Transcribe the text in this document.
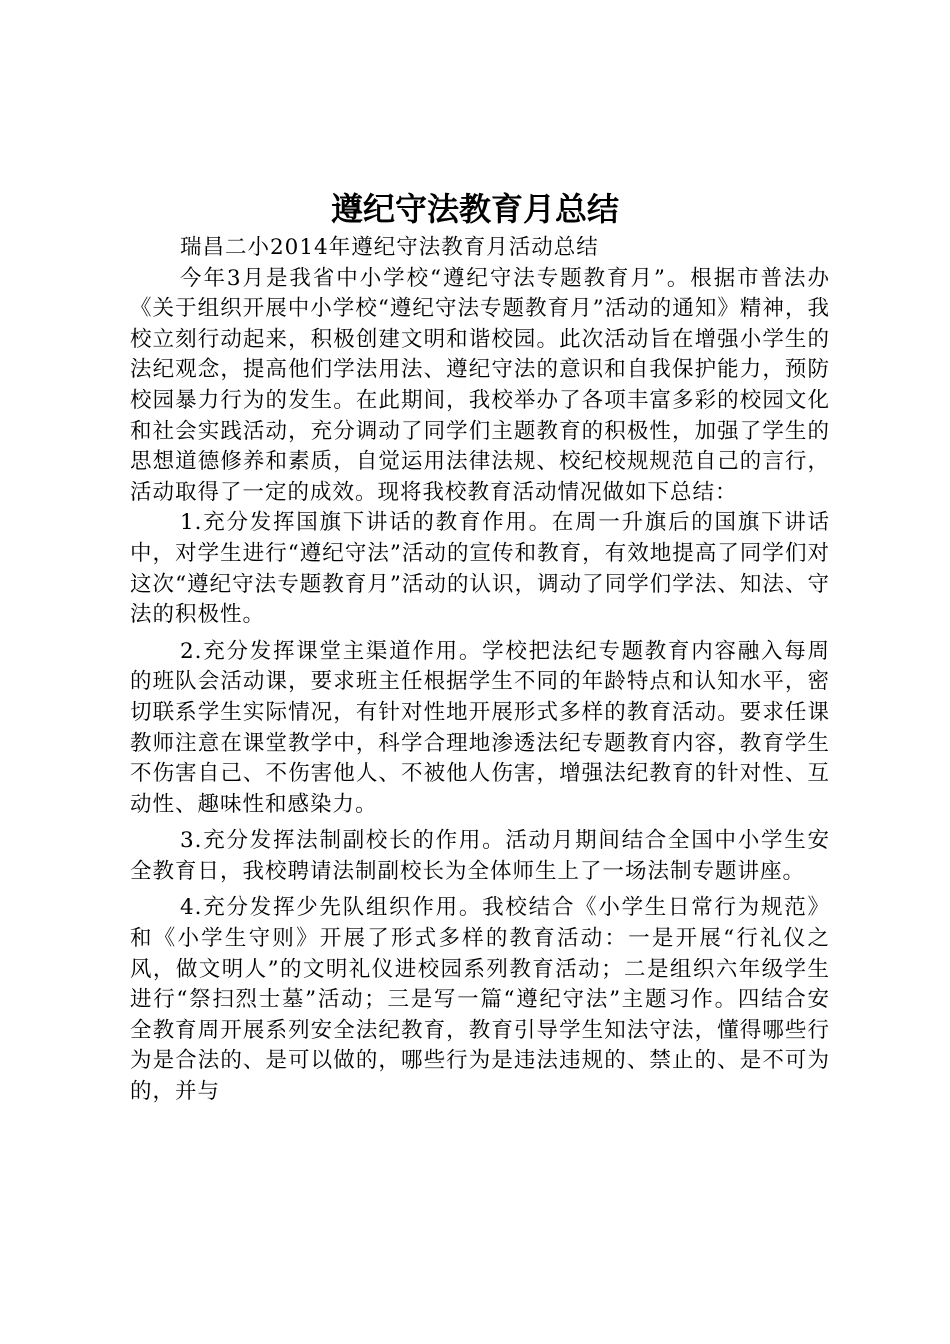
遵纪守法教育月总结

瑞昌二小2014年遵纪守法教育月活动总结

今年3月是我省中小学校“遵纪守法专题教育月”。根据市普法办《关于组织开展中小学校“遵纪守法专题教育月”活动的通知》精神，我校立刻行动起来，积极创建文明和谐校园。此次活动旨在增强小学生的法纪观念，提高他们学法用法、遵纪守法的意识和自我保护能力，预防校园暴力行为的发生。在此期间，我校举办了各项丰富多彩的校园文化和社会实践活动，充分调动了同学们主题教育的积极性，加强了学生的思想道德修养和素质，自觉运用法律法规、校纪校规规范自己的言行，活动取得了一定的成效。现将我校教育活动情况做如下总结：

1.充分发挥国旗下讲话的教育作用。在周一升旗后的国旗下讲话中，对学生进行“遵纪守法”活动的宣传和教育，有效地提高了同学们对这次“遵纪守法专题教育月”活动的认识，调动了同学们学法、知法、守法的积极性。

2.充分发挥课堂主渠道作用。学校把法纪专题教育内容融入每周的班队会活动课，要求班主任根据学生不同的年龄特点和认知水平，密切联系学生实际情况，有针对性地开展形式多样的教育活动。要求任课教师注意在课堂教学中，科学合理地渗透法纪专题教育内容，教育学生不伤害自己、不伤害他人、不被他人伤害，增强法纪教育的针对性、互动性、趣味性和感染力。

3.充分发挥法制副校长的作用。活动月期间结合全国中小学生安全教育日，我校聘请法制副校长为全体师生上了一场法制专题讲座。

4.充分发挥少先队组织作用。我校结合《小学生日常行为规范》和《小学生守则》开展了形式多样的教育活动：一是开展“行礼仪之风，做文明人”的文明礼仪进校园系列教育活动；二是组织六年级学生进行“祭扫烈士墓”活动；三是写一篇“遵纪守法”主题习作。四结合安全教育周开展系列安全法纪教育，教育引导学生知法守法，懂得哪些行为是合法的、是可以做的，哪些行为是违法违规的、禁止的、是不可为的，并与
